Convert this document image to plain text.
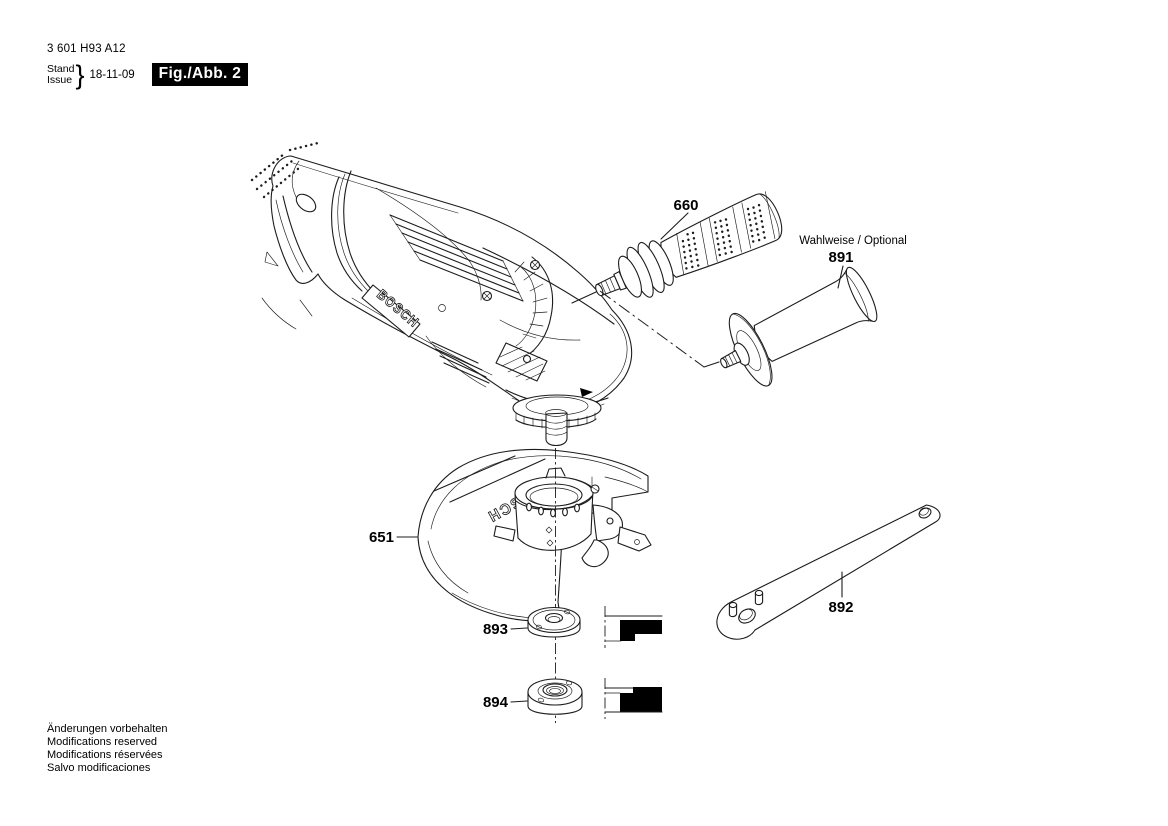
3 601 H93 A12
Stand
Issue } 18-11-09	Fig./Abb. 2
BOSCH
BOSCH
660
Wahlweise / Optional
891
651
892
893
894
Änderungen vorbehalten
Modifications reserved
Modifications réservées
Salvo modificaciones
